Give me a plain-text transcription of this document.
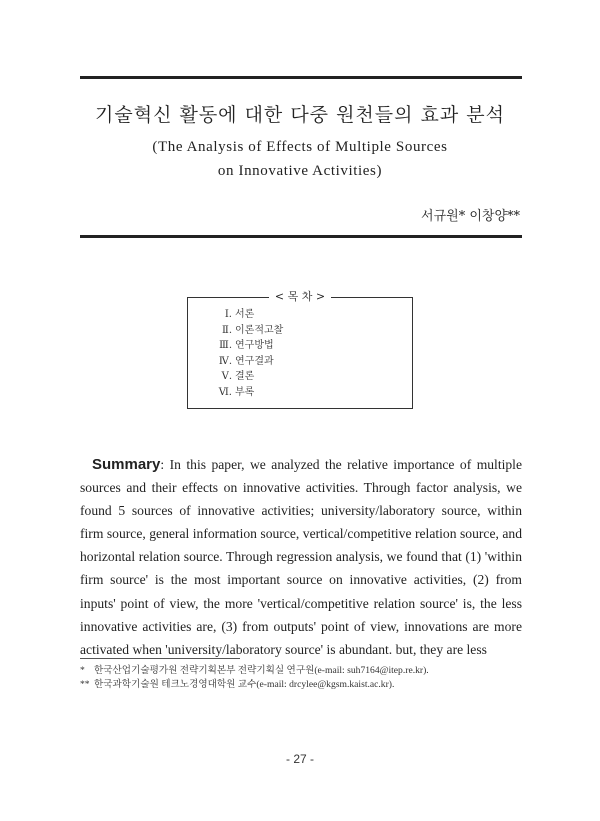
기술혁신 활동에 대한 다중 원천들의 효과 분석
(The Analysis of Effects of Multiple Sources
on Innovative Activities)
서규원* 이창양**
< 목 차 >
Ⅰ. 서론
Ⅱ. 이론적고찰
Ⅲ. 연구방법
Ⅳ. 연구결과
Ⅴ. 결론
Ⅵ. 부록
Summary: In this paper, we analyzed the relative importance of multiple sources and their effects on innovative activities. Through factor analysis, we found 5 sources of innovative activities; university/laboratory source, within firm source, general information source, vertical/competitive relation source, and horizontal relation source. Through regression analysis, we found that (1) 'within firm source' is the most important source on innovative activities, (2) from inputs' point of view, the more 'vertical/competitive relation source' is, the less innovative activities are, (3) from outputs' point of view, innovations are more activated when 'university/laboratory source' is abundant. but, they are less
* 한국산업기술평가원 전략기획본부 전략기획실 연구원(e-mail: suh7164@itep.re.kr).
** 한국과학기술원 테크노경영대학원 교수(e-mail: drcylee@kgsm.kaist.ac.kr).
- 27 -
